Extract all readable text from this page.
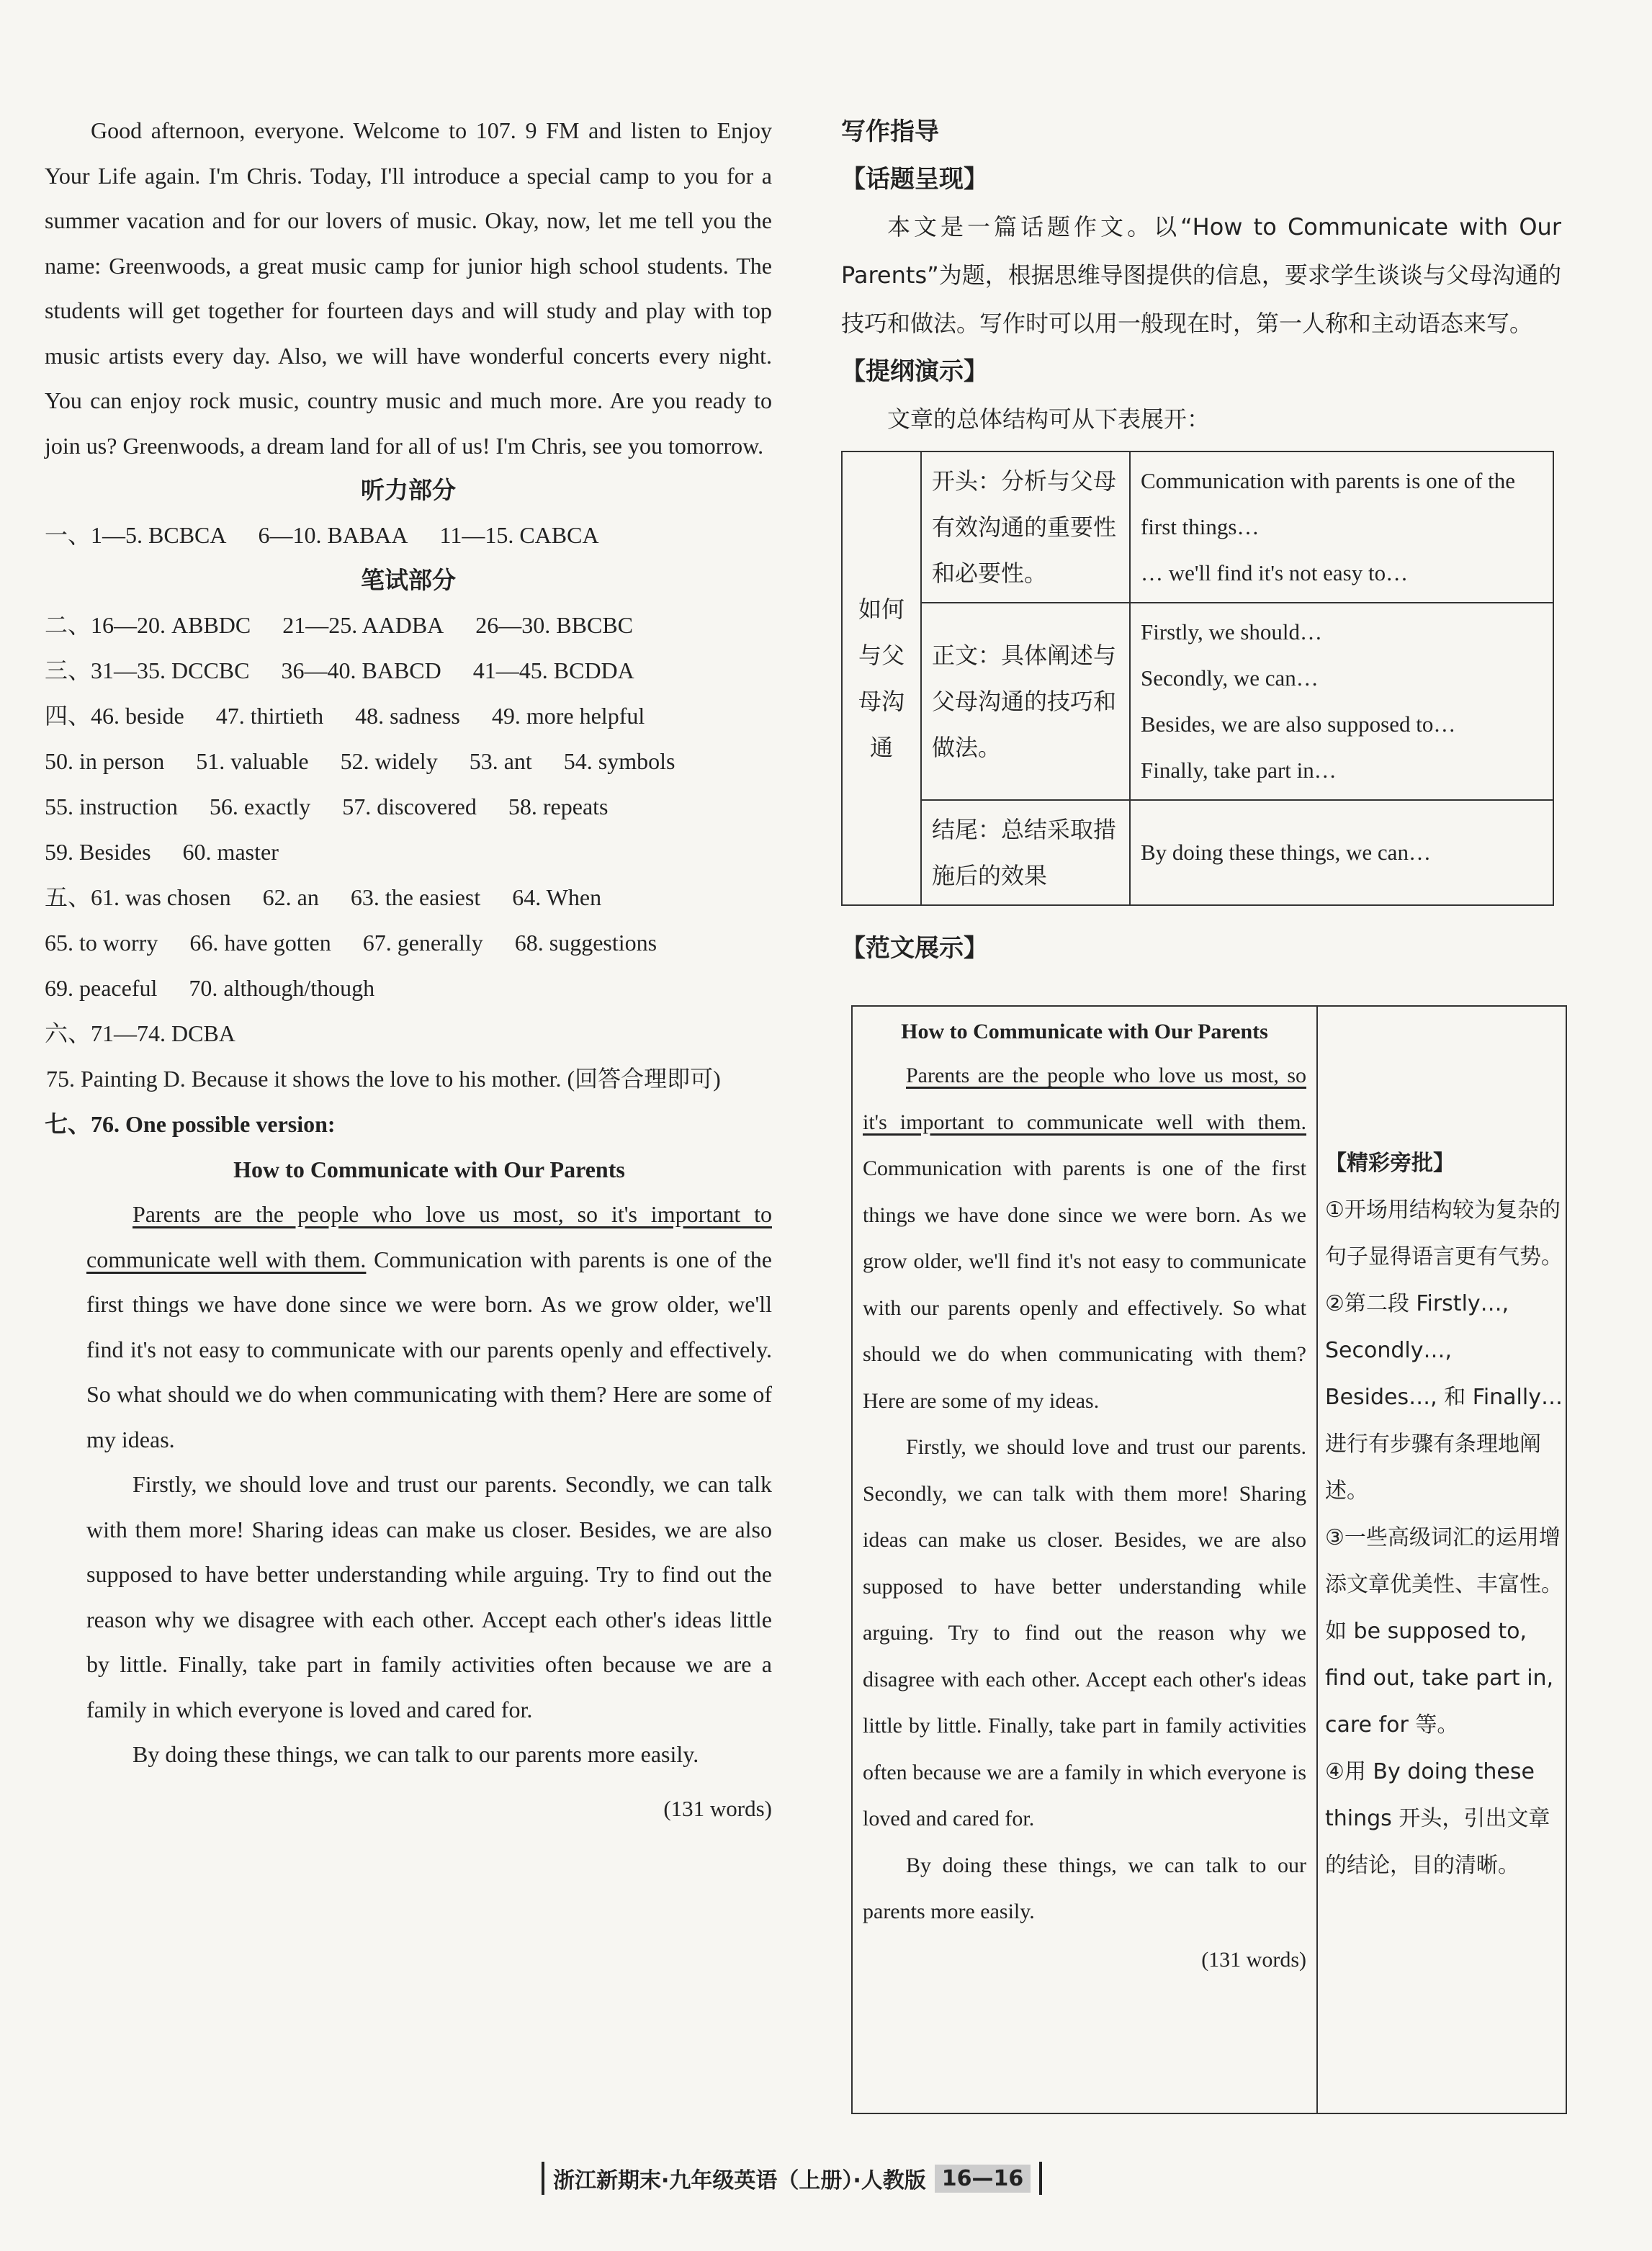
Good afternoon, everyone. Welcome to 107. 9 FM and listen to Enjoy Your Life again. I'm Chris. Today, I'll introduce a special camp to you for a summer vacation and for our lovers of music. Okay, now, let me tell you the name: Greenwoods, a great music camp for junior high school students. The students will get together for fourteen days and will study and play with top music artists every day. Also, we will have wonderful concerts every night. You can enjoy rock music, country music and much more. Are you ready to join us? Greenwoods, a dream land for all of us! I'm Chris, see you tomorrow.

听力部分
一、1—5. BCBCA 6—10. BABAA 11—15. CABCA
笔试部分
二、16—20. ABBDC 21—25. AADBA 26—30. BBCBC
三、31—35. DCCBC 36—40. BABCD 41—45. BCDDA
四、46. beside 47. thirtieth 48. sadness 49. more helpful
50. in person 51. valuable 52. widely 53. ant 54. symbols
55. instruction 56. exactly 57. discovered 58. repeats
59. Besides 60. master
五、61. was chosen 62. an 63. the easiest 64. When
65. to worry 66. have gotten 67. generally 68. suggestions
69. peaceful 70. although/though
六、71—74. DCBA
75. Painting D. Because it shows the love to his mother. (回答合理即可)
七、76. One possible version:
How to Communicate with Our Parents

Parents are the people who love us most, so it's important to communicate well with them. Communication with parents is one of the first things we have done since we were born. As we grow older, we'll find it's not easy to communicate with our parents openly and effectively. So what should we do when communicating with them? Here are some of my ideas.

Firstly, we should love and trust our parents. Secondly, we can talk with them more! Sharing ideas can make us closer. Besides, we are also supposed to have better understanding while arguing. Try to find out the reason why we disagree with each other. Accept each other's ideas little by little. Finally, take part in family activities often because we are a family in which everyone is loved and cared for.

By doing these things, we can talk to our parents more easily.

(131 words)
写作指导
【话题呈现】

本文是一篇话题作文。以“How to Communicate with Our Parents”为题，根据思维导图提供的信息，要求学生谈谈与父母沟通的技巧和做法。写作时可以用一般现在时，第一人称和主动语态来写。

【提纲演示】

文章的总体结构可从下表展开：

如何与父母沟通	开头：分析与父母有效沟通的重要性和必要性。	Communication with parents is one of the first things…
… we'll find it's not easy to…

	正文：具体阐述与父母沟通的技巧和做法。	Firstly, we should…
Secondly, we can…
Besides, we are also supposed to…
Finally, take part in…

	结尾：总结采取措施后的效果	By doing these things, we can…
【范文展示】
How to Communicate with Our Parents

Parents are the people who love us most, so it's important to communicate well with them. Communication with parents is one of the first things we have done since we were born. As we grow older, we'll find it's not easy to communicate with our parents openly and effectively. So what should we do when communicating with them? Here are some of my ideas.

Firstly, we should love and trust our parents. Secondly, we can talk with them more! Sharing ideas can make us closer. Besides, we are also supposed to have better understanding while arguing. Try to find out the reason why we disagree with each other. Accept each other's ideas little by little. Finally, take part in family activities often because we are a family in which everyone is loved and cared for.

By doing these things, we can talk to our parents more easily.

(131 words)
【精彩旁批】
①开场用结构较为复杂的句子显得语言更有气势。
②第二段 Firstly…, Secondly…, Besides…, 和 Finally…进行有步骤有条理地阐述。
③一些高级词汇的运用增添文章优美性、丰富性。如 be supposed to, find out, take part in, care for 等。
④用 By doing these things 开头，引出文章的结论，目的清晰。
浙江新期末·九年级英语（上册）·人教版 16—16
